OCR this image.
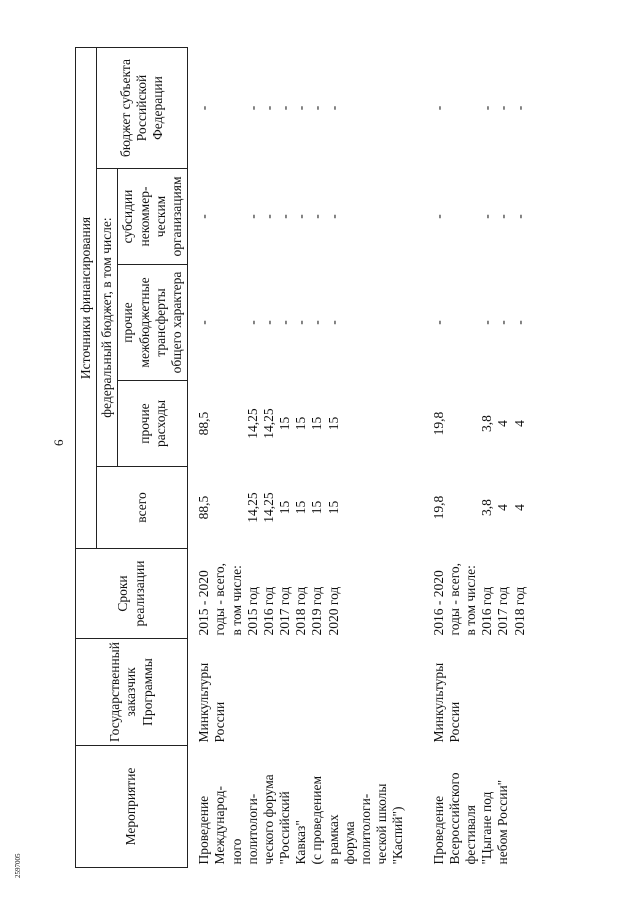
6
2597005
Мероприятие	Государственный заказчик Программы	Сроки реализации	Источники финансирования				
			всего	федеральный бюджет, в том числе:			бюджет субъекта Российской Федерации
				прочие расходы	прочие межбюджетные трансферты общего характера	субсидии некоммер-ческим организациям	
Проведение	Минкультуры	2015 - 2020	88,5	88,5	-	-	-
Международ-	России	годы - всего,					
ного		в том числе:					
политологи-		2015 год	14,25	14,25	-	-	-
ческого форума		2016 год	14,25	14,25	-	-	-
"Российский		2017 год	15	15	-	-	-
Кавказ"		2018 год	15	15	-	-	-
(с проведением		2019 год	15	15	-	-	-
в рамках		2020 год	15	15	-	-	-
форума							
политологи-							
ческой школы							
"Каспий")							
Проведение	Минкультуры	2016 - 2020	19,8	19,8	-	-	-
Всероссийского	России	годы - всего,					
фестиваля		в том числе:					
"Цыгане под		2016 год	3,8	3,8	-	-	-
небом России"		2017 год	4	4	-	-	-
		2018 год	4	4	-	-	-
